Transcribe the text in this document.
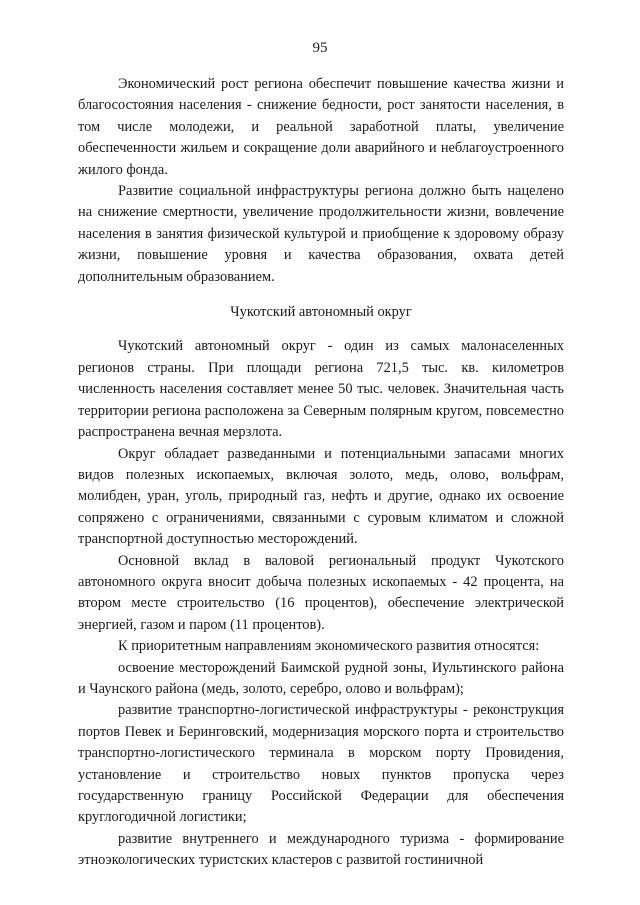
95

Экономический рост региона обеспечит повышение качества жизни и благосостояния населения - снижение бедности, рост занятости населения, в том числе молодежи, и реальной заработной платы, увеличение обеспеченности жильем и сокращение доли аварийного и неблагоустроенного жилого фонда.

Развитие социальной инфраструктуры региона должно быть нацелено на снижение смертности, увеличение продолжительности жизни, вовлечение населения в занятия физической культурой и приобщение к здоровому образу жизни, повышение уровня и качества образования, охвата детей дополнительным образованием.

Чукотский автономный округ

Чукотский автономный округ - один из самых малонаселенных регионов страны. При площади региона 721,5 тыс. кв. километров численность населения составляет менее 50 тыс. человек. Значительная часть территории региона расположена за Северным полярным кругом, повсеместно распространена вечная мерзлота.

Округ обладает разведанными и потенциальными запасами многих видов полезных ископаемых, включая золото, медь, олово, вольфрам, молибден, уран, уголь, природный газ, нефть и другие, однако их освоение сопряжено с ограничениями, связанными с суровым климатом и сложной транспортной доступностью месторождений.

Основной вклад в валовой региональный продукт Чукотского автономного округа вносит добыча полезных ископаемых - 42 процента, на втором месте строительство (16 процентов), обеспечение электрической энергией, газом и паром (11 процентов).

К приоритетным направлениям экономического развития относятся:

освоение месторождений Баимской рудной зоны, Иультинского района и Чаунского района (медь, золото, серебро, олово и вольфрам);

развитие транспортно-логистической инфраструктуры - реконструкция портов Певек и Беринговский, модернизация морского порта и строительство транспортно-логистического терминала в морском порту Провидения, установление и строительство новых пунктов пропуска через государственную границу Российской Федерации для обеспечения круглогодичной логистики;

развитие внутреннего и международного туризма - формирование этноэкологических туристских кластеров с развитой гостиничной
